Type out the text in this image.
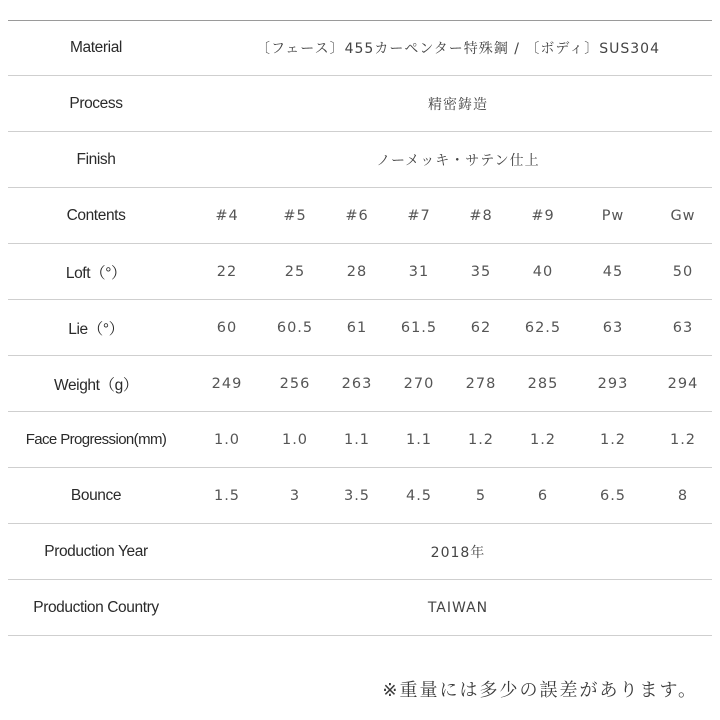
Material	〔フェース〕455カーペンター特殊鋼 / 〔ボディ〕SUS304
Process	精密鋳造
Finish	ノーメッキ・サテン仕上
Contents	#4	#5	#6	#7	#8	#9	Pw	Gw
Loft（°）	22	25	28	31	35	40	45	50
Lie（°）	60	60.5	61	61.5	62	62.5	63	63
Weight（g）	249	256	263	270	278	285	293	294
Face Progression(mm)	1.0	1.0	1.1	1.1	1.2	1.2	1.2	1.2
Bounce	1.5	3	3.5	4.5	5	6	6.5	8
Production Year	2018年
Production Country	TAIWAN
※重量には多少の誤差があります。
